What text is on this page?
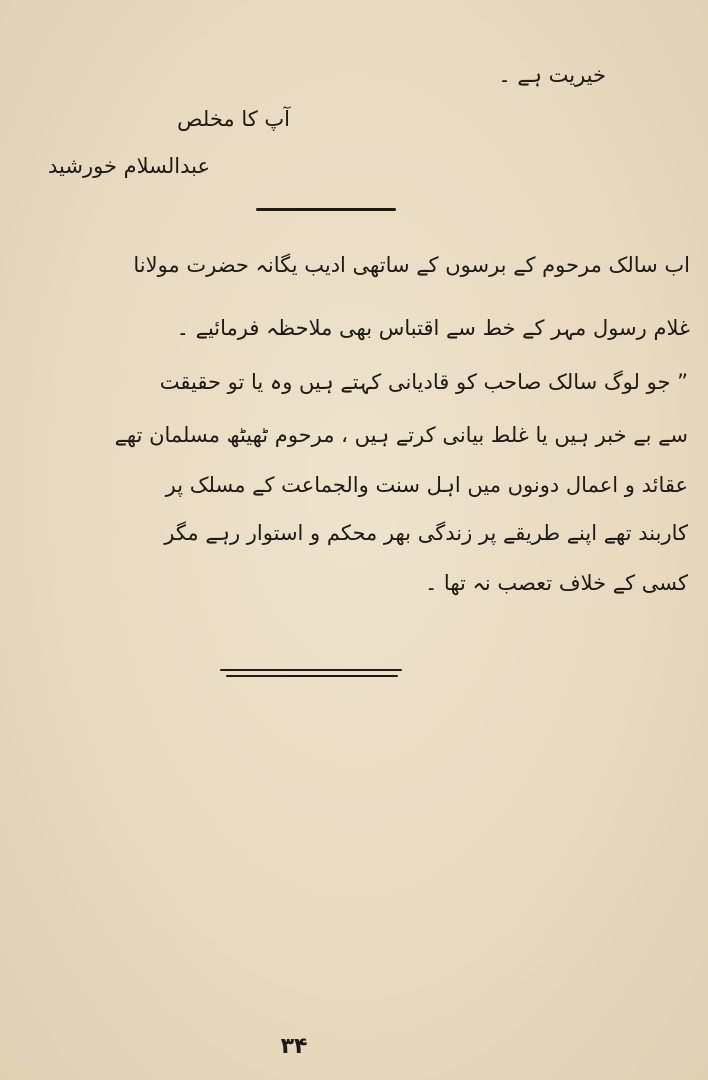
خیریت ہے ۔
آپ کا مخلص
عبدالسلام خورشید
اب سالک مرحوم کے برسوں کے ساتھی ادیب یگانہ حضرت مولانا
غلام رسول مہر کے خط سے اقتباس بھی ملاحظہ فرمائیے ۔
” جو لوگ سالک صاحب کو قادیانی کہتے ہیں وہ یا تو حقیقت
سے بے خبر ہیں یا غلط بیانی کرتے ہیں ، مرحوم ٹھیٹھ مسلمان تھے
عقائد و اعمال دونوں میں اہل سنت والجماعت کے مسلک پر
کاربند تھے اپنے طریقے پر زندگی بھر محکم و استوار رہے مگر
کسی کے خلاف تعصب نہ تھا ۔
۳۴
